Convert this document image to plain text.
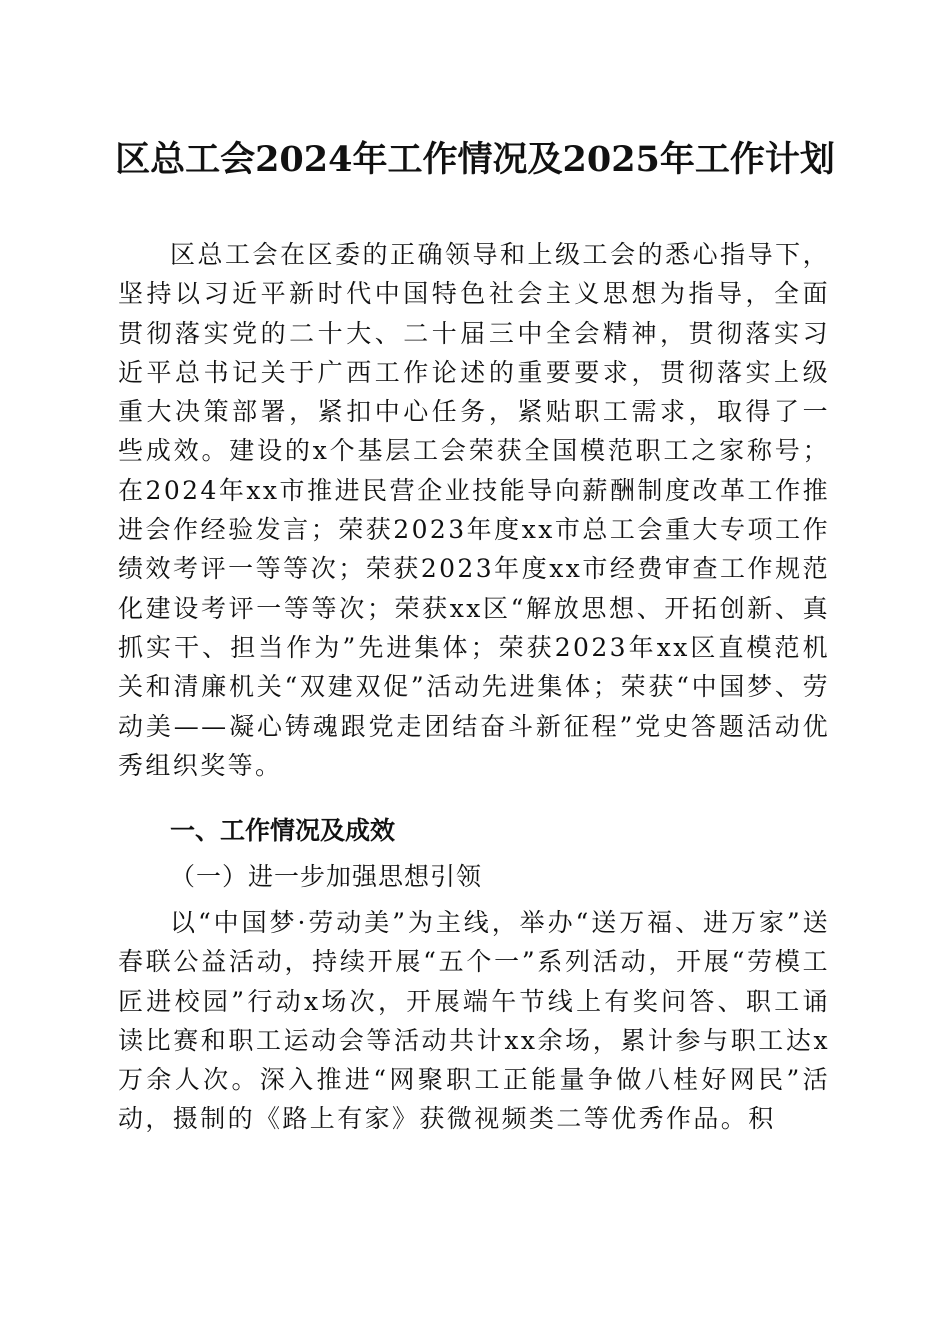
区总工会2024年工作情况及2025年工作计划

区总工会在区委的正确领导和上级工会的悉心指导下，坚持以习近平新时代中国特色社会主义思想为指导，全面贯彻落实党的二十大、二十届三中全会精神，贯彻落实习近平总书记关于广西工作论述的重要要求，贯彻落实上级重大决策部署，紧扣中心任务，紧贴职工需求，取得了一些成效。建设的x个基层工会荣获全国模范职工之家称号；在2024年xx市推进民营企业技能导向薪酬制度改革工作推进会作经验发言；荣获2023年度xx市总工会重大专项工作绩效考评一等等次；荣获2023年度xx市经费审查工作规范化建设考评一等等次；荣获xx区“解放思想、开拓创新、真抓实干、担当作为”先进集体；荣获2023年xx区直模范机关和清廉机关“双建双促”活动先进集体；荣获“中国梦、劳动美——凝心铸魂跟党走团结奋斗新征程”党史答题活动优秀组织奖等。

一、工作情况及成效
（一）进一步加强思想引领

以“中国梦·劳动美”为主线，举办“送万福、进万家”送春联公益活动，持续开展“五个一”系列活动，开展“劳模工匠进校园”行动x场次，开展端午节线上有奖问答、职工诵读比赛和职工运动会等活动共计xx余场，累计参与职工达x万余人次。深入推进“网聚职工正能量争做八桂好网民”活动，摄制的《路上有家》获微视频类二等优秀作品。积
